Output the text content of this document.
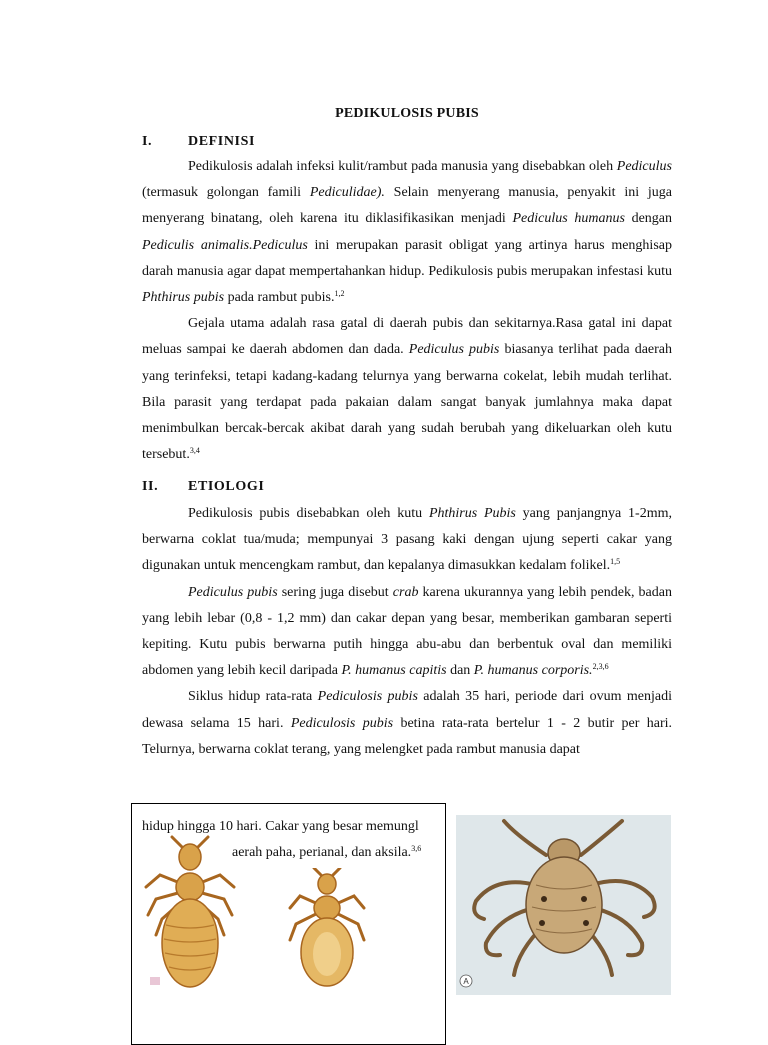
PEDIKULOSIS PUBIS
I.	DEFINISI

Pedikulosis adalah infeksi kulit/rambut pada manusia yang disebabkan oleh Pediculus (termasuk golongan famili Pediculidae). Selain menyerang manusia, penyakit ini juga menyerang binatang, oleh karena itu diklasifikasikan menjadi Pediculus humanus dengan Pediculis animalis.Pediculus ini merupakan parasit obligat yang artinya harus menghisap darah manusia agar dapat mempertahankan hidup. Pedikulosis pubis merupakan infestasi kutu Phthirus pubis pada rambut pubis.$^{1,2}$

Gejala utama adalah rasa gatal di daerah pubis dan sekitarnya.Rasa gatal ini dapat meluas sampai ke daerah abdomen dan dada. Pediculus pubis biasanya terlihat pada daerah yang terinfeksi, tetapi kadang-kadang telurnya yang berwarna cokelat, lebih mudah terlihat. Bila parasit yang terdapat pada pakaian dalam sangat banyak jumlahnya maka dapat menimbulkan bercak-bercak akibat darah yang sudah berubah yang dikeluarkan oleh kutu tersebut.$^{3,4}$

II. ETIOLOGI

Pedikulosis pubis disebabkan oleh kutu Phthirus Pubis yang panjangnya 1-2mm, berwarna coklat tua/muda; mempunyai 3 pasang kaki dengan ujung seperti cakar yang digunakan untuk mencengkam rambut, dan kepalanya dimasukkan kedalam folikel.$^{1,5}$

Pediculus pubis sering juga disebut crab karena ukurannya yang lebih pendek, badan yang lebih lebar (0,8 - 1,2 mm) dan cakar depan yang besar, memberikan gambaran seperti kepiting. Kutu pubis berwarna putih hingga abu-abu dan berbentuk oval dan memiliki abdomen yang lebih kecil daripada P. humanus capitis dan P. humanus corporis.$^{2,3,6}$

Siklus hidup rata-rata Pediculosis pubis adalah 35 hari, periode dari ovum menjadi dewasa selama 15 hari. Pediculosis pubis betina rata-rata bertelur 1 - 2 butir per hari. Telurnya, berwarna coklat terang, yang melengket pada rambut manusia dapat

hidup hingga 10 hari. Cakar yang besar memungl
aerah paha, perianal, dan aksila.$^{3,6}$
A
